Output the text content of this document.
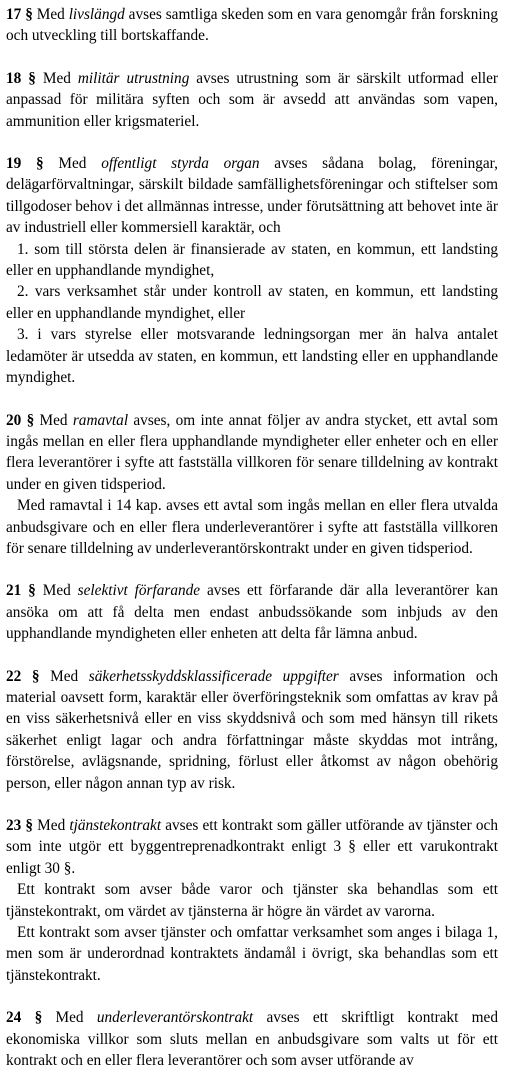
17 § Med livslängd avses samtliga skeden som en vara genomgår från forskning och utveckling till bortskaffande.

18 § Med militär utrustning avses utrustning som är särskilt utformad eller anpassad för militära syften och som är avsedd att användas som vapen, ammunition eller krigsmateriel.

19 § Med offentligt styrda organ avses sådana bolag, föreningar, delägarförvaltningar, särskilt bildade samfällighetsföreningar och stiftelser som tillgodoser behov i det allmännas intresse, under förutsättning att behovet inte är av industriell eller kommersiell karaktär, och

1. som till största delen är finansierade av staten, en kommun, ett landsting eller en upphandlande myndighet,

2. vars verksamhet står under kontroll av staten, en kommun, ett landsting eller en upphandlande myndighet, eller

3. i vars styrelse eller motsvarande ledningsorgan mer än halva antalet ledamöter är utsedda av staten, en kommun, ett landsting eller en upphandlande myndighet.

20 § Med ramavtal avses, om inte annat följer av andra stycket, ett avtal som ingås mellan en eller flera upphandlande myndigheter eller enheter och en eller flera leverantörer i syfte att fastställa villkoren för senare tilldelning av kontrakt under en given tidsperiod.

Med ramavtal i 14 kap. avses ett avtal som ingås mellan en eller flera utvalda anbudsgivare och en eller flera underleverantörer i syfte att fastställa villkoren för senare tilldelning av underleverantörskontrakt under en given tidsperiod.

21 § Med selektivt förfarande avses ett förfarande där alla leverantörer kan ansöka om att få delta men endast anbudssökande som inbjuds av den upphandlande myndigheten eller enheten att delta får lämna anbud.

22 § Med säkerhetsskyddsklassificerade uppgifter avses information och material oavsett form, karaktär eller överföringsteknik som omfattas av krav på en viss säkerhetsnivå eller en viss skyddsnivå och som med hänsyn till rikets säkerhet enligt lagar och andra författningar måste skyddas mot intrång, förstörelse, avlägsnande, spridning, förlust eller åtkomst av någon obehörig person, eller någon annan typ av risk.

23 § Med tjänstekontrakt avses ett kontrakt som gäller utförande av tjänster och som inte utgör ett byggentreprenadkontrakt enligt 3 § eller ett varukontrakt enligt 30 §.

Ett kontrakt som avser både varor och tjänster ska behandlas som ett tjänstekontrakt, om värdet av tjänsterna är högre än värdet av varorna.

Ett kontrakt som avser tjänster och omfattar verksamhet som anges i bilaga 1, men som är underordnad kontraktets ändamål i övrigt, ska behandlas som ett tjänstekontrakt.

24 § Med underleverantörskontrakt avses ett skriftligt kontrakt med ekonomiska villkor som sluts mellan en anbudsgivare som valts ut för ett kontrakt och en eller flera leverantörer och som avser utförande av
